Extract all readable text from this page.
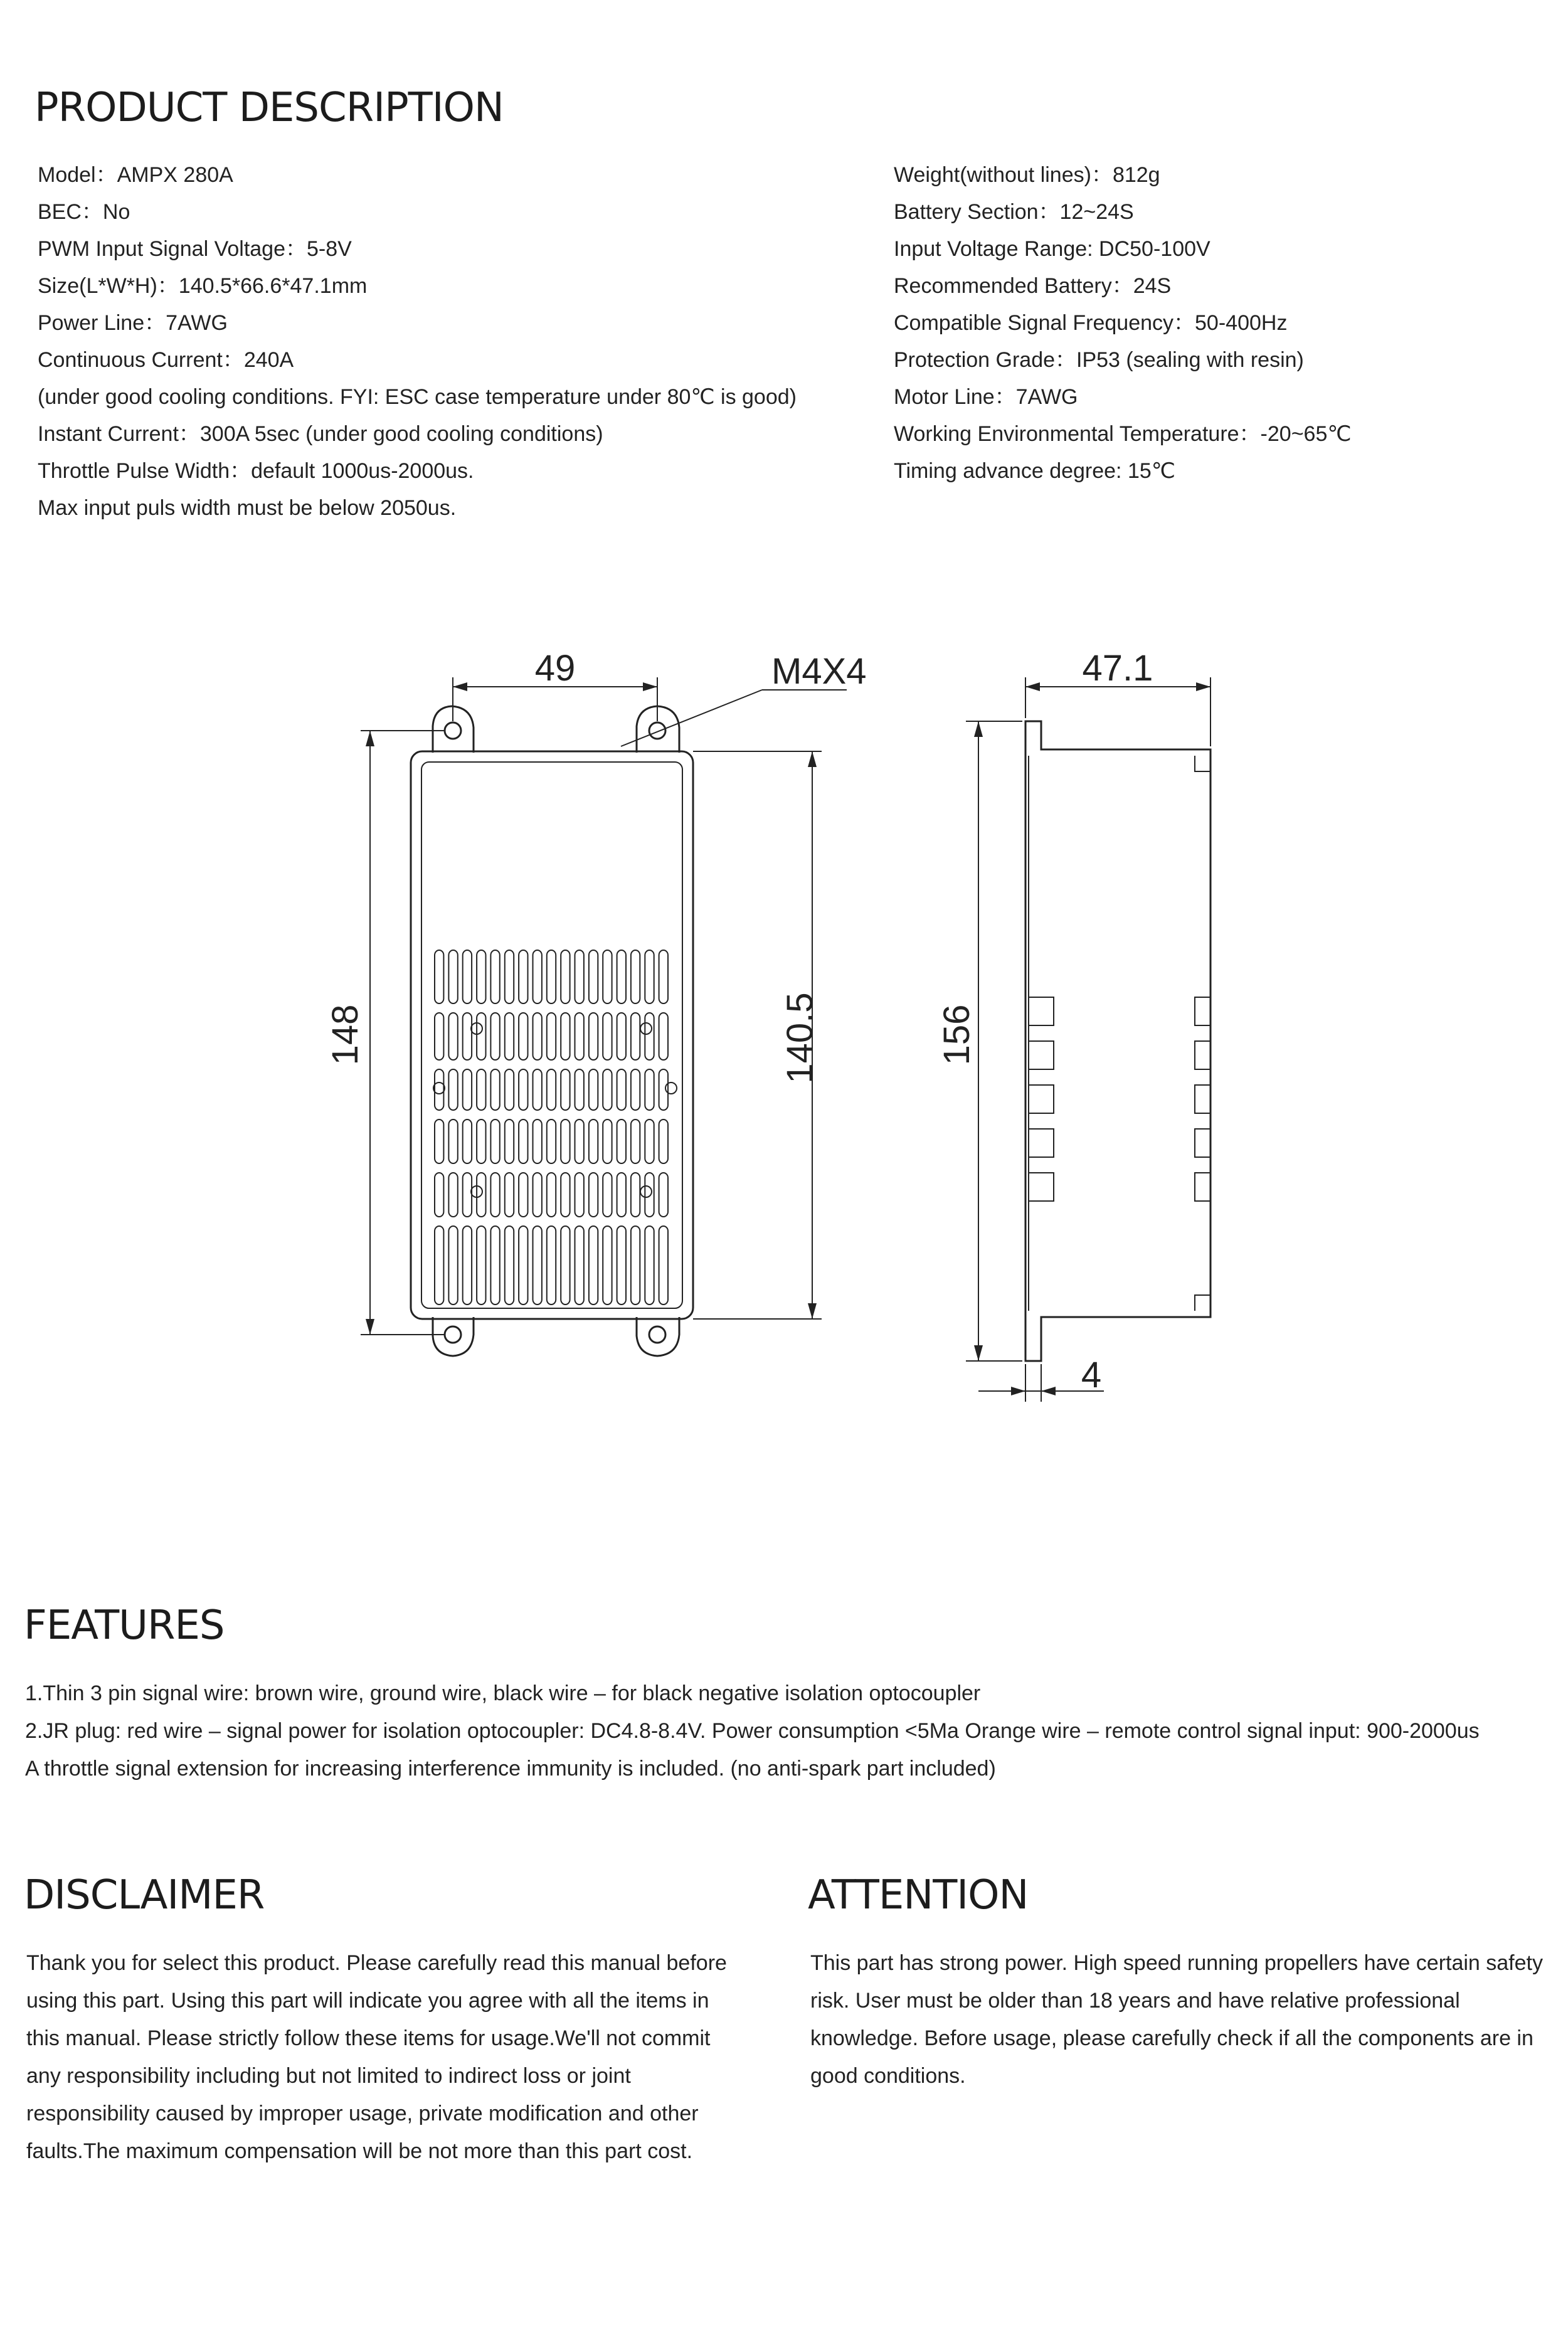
PRODUCT DESCRIPTION
Model：AMPX 280A
BEC：No
PWM Input Signal Voltage：5-8V
Size(L*W*H)：140.5*66.6*47.1mm
Power Line：7AWG
Continuous Current：240A
(under good cooling conditions. FYI: ESC case temperature under 80℃ is good)
Instant Current：300A 5sec (under good cooling conditions)
Throttle Pulse Width：default 1000us-2000us.
Max input puls width must be below 2050us.
Weight(without lines)：812g
Battery Section：12~24S
Input Voltage Range: DC50-100V
Recommended Battery：24S
Compatible Signal Frequency：50-400Hz
Protection Grade：IP53 (sealing with resin)
Motor Line：7AWG
Working Environmental Temperature：-20~65℃
Timing advance degree: 15℃
49	M4X4
148	140.5
47.1
156
4
FEATURES
1.Thin 3 pin signal wire: brown wire, ground wire, black wire – for black negative isolation optocoupler
2.JR plug: red wire – signal power for isolation optocoupler: DC4.8-8.4V. Power consumption <5Ma Orange wire – remote control signal input: 900-2000us
A throttle signal extension for increasing interference immunity is included. (no anti-spark part included)
DISCLAIMER

Thank you for select this product. Please carefully read this manual before using this part. Using this part will indicate you agree with all the items in this manual. Please strictly follow these items for usage.We'll not commit any responsibility including but not limited to indirect loss or joint responsibility caused by improper usage, private modification and other faults.The maximum compensation will be not more than this part cost.

ATTENTION

This part has strong power. High speed running propellers have certain safety risk. User must be older than 18 years and have relative professional knowledge. Before usage, please carefully check if all the components are in good conditions.
